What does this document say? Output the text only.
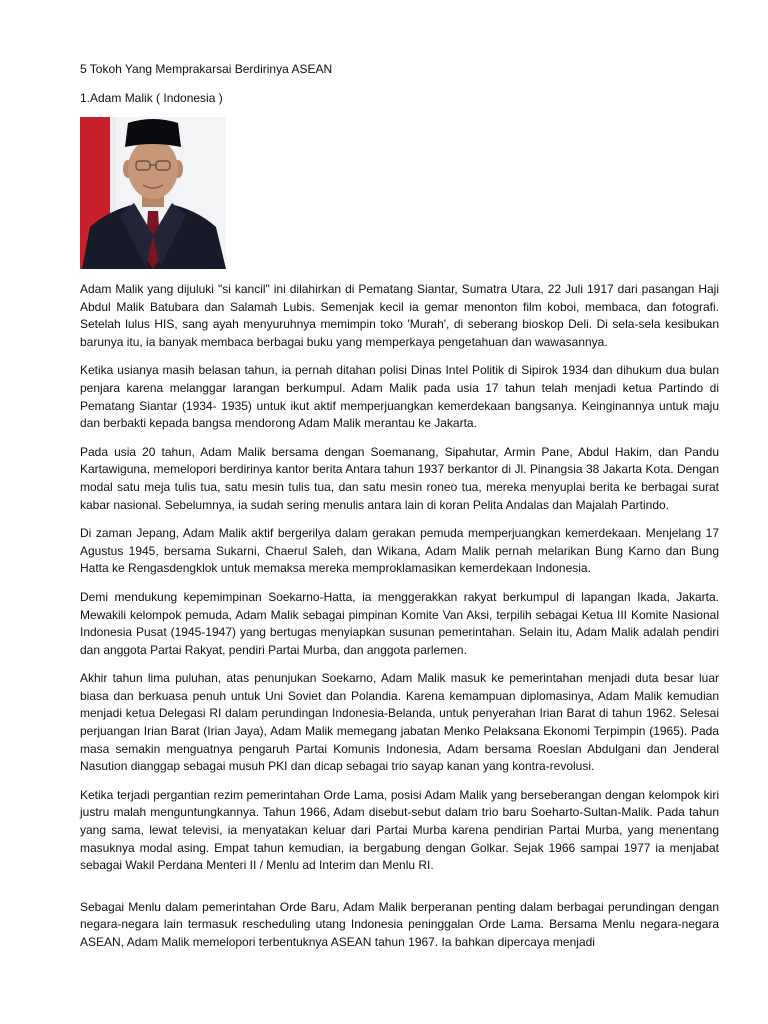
5 Tokoh Yang Memprakarsai Berdirinya ASEAN

1.Adam Malik ( Indonesia )

Adam Malik yang dijuluki "si kancil" ini dilahirkan di Pematang Siantar, Sumatra Utara, 22 Juli 1917 dari pasangan Haji Abdul Malik Batubara dan Salamah Lubis. Semenjak kecil ia gemar menonton film koboi, membaca, dan fotografi. Setelah lulus HIS, sang ayah menyuruhnya memimpin toko 'Murah', di seberang bioskop Deli. Di sela-sela kesibukan barunya itu, ia banyak membaca berbagai buku yang memperkaya pengetahuan dan wawasannya.

Ketika usianya masih belasan tahun, ia pernah ditahan polisi Dinas Intel Politik di Sipirok 1934 dan dihukum dua bulan penjara karena melanggar larangan berkumpul. Adam Malik pada usia 17 tahun telah menjadi ketua Partindo di Pematang Siantar (1934- 1935) untuk ikut aktif memperjuangkan kemerdekaan bangsanya. Keinginannya untuk maju dan berbakti kepada bangsa mendorong Adam Malik merantau ke Jakarta.

Pada usia 20 tahun, Adam Malik bersama dengan Soemanang, Sipahutar, Armin Pane, Abdul Hakim, dan Pandu Kartawiguna, memelopori berdirinya kantor berita Antara tahun 1937 berkantor di Jl. Pinangsia 38 Jakarta Kota. Dengan modal satu meja tulis tua, satu mesin tulis tua, dan satu mesin roneo tua, mereka menyuplai berita ke berbagai surat kabar nasional. Sebelumnya, ia sudah sering menulis antara lain di koran Pelita Andalas dan Majalah Partindo.

Di zaman Jepang, Adam Malik aktif bergerilya dalam gerakan pemuda memperjuangkan kemerdekaan. Menjelang 17 Agustus 1945, bersama Sukarni, Chaerul Saleh, dan Wikana, Adam Malik pernah melarikan Bung Karno dan Bung Hatta ke Rengasdengklok untuk memaksa mereka memproklamasikan kemerdekaan Indonesia.

Demi mendukung kepemimpinan Soekarno-Hatta, ia menggerakkan rakyat berkumpul di lapangan Ikada, Jakarta. Mewakili kelompok pemuda, Adam Malik sebagai pimpinan Komite Van Aksi, terpilih sebagai Ketua III Komite Nasional Indonesia Pusat (1945-1947) yang bertugas menyiapkan susunan pemerintahan. Selain itu, Adam Malik adalah pendiri dan anggota Partai Rakyat, pendiri Partai Murba, dan anggota parlemen.

Akhir tahun lima puluhan, atas penunjukan Soekarno, Adam Malik masuk ke pemerintahan menjadi duta besar luar biasa dan berkuasa penuh untuk Uni Soviet dan Polandia. Karena kemampuan diplomasinya, Adam Malik kemudian menjadi ketua Delegasi RI dalam perundingan Indonesia-Belanda, untuk penyerahan Irian Barat di tahun 1962. Selesai perjuangan Irian Barat (Irian Jaya), Adam Malik memegang jabatan Menko Pelaksana Ekonomi Terpimpin (1965). Pada masa semakin menguatnya pengaruh Partai Komunis Indonesia, Adam bersama Roeslan Abdulgani dan Jenderal Nasution dianggap sebagai musuh PKI dan dicap sebagai trio sayap kanan yang kontra-revolusi.

Ketika terjadi pergantian rezim pemerintahan Orde Lama, posisi Adam Malik yang berseberangan dengan kelompok kiri justru malah menguntungkannya. Tahun 1966, Adam disebut-sebut dalam trio baru Soeharto-Sultan-Malik. Pada tahun yang sama, lewat televisi, ia menyatakan keluar dari Partai Murba karena pendirian Partai Murba, yang menentang masuknya modal asing. Empat tahun kemudian, ia bergabung dengan Golkar. Sejak 1966 sampai 1977 ia menjabat sebagai Wakil Perdana Menteri II / Menlu ad Interim dan Menlu RI.

Sebagai Menlu dalam pemerintahan Orde Baru, Adam Malik berperanan penting dalam berbagai perundingan dengan negara-negara lain termasuk rescheduling utang Indonesia peninggalan Orde Lama. Bersama Menlu negara-negara ASEAN, Adam Malik memelopori terbentuknya ASEAN tahun 1967. Ia bahkan dipercaya menjadi
